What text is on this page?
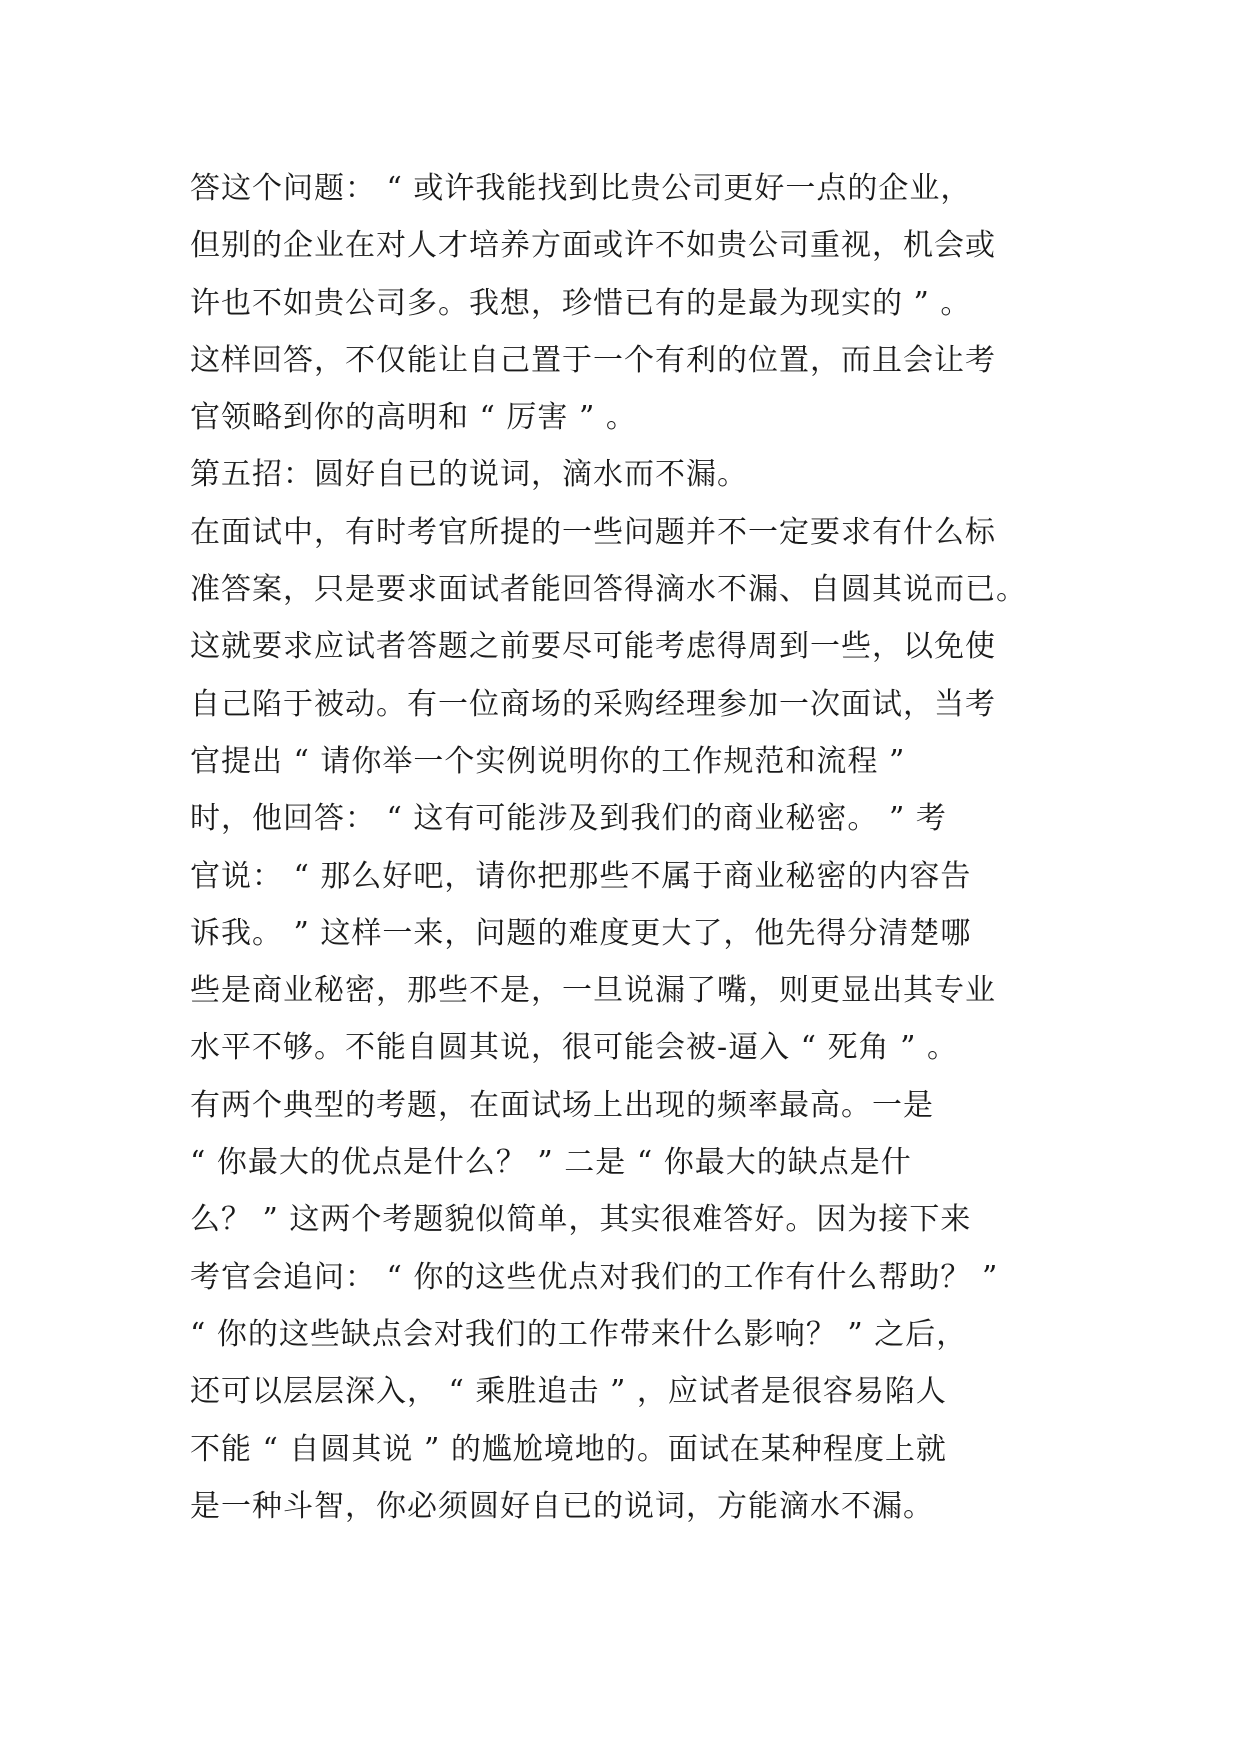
答这个问题： “ 或许我能找到比贵公司更好一点的企业，
但别的企业在对人才培养方面或许不如贵公司重视，机会或
许也不如贵公司多。我想，珍惜已有的是最为现实的 ” 。
这样回答，不仅能让自己置于一个有利的位置，而且会让考
官领略到你的高明和 “ 厉害 ” 。
第五招：圆好自已的说词，滴水而不漏。
在面试中，有时考官所提的一些问题并不一定要求有什么标
准答案，只是要求面试者能回答得滴水不漏、自圆其说而已。
这就要求应试者答题之前要尽可能考虑得周到一些，以免使
自己陷于被动。有一位商场的采购经理参加一次面试，当考
官提出 “ 请你举一个实例说明你的工作规范和流程 ”
时，他回答： “ 这有可能涉及到我们的商业秘密。 ” 考
官说： “ 那么好吧，请你把那些不属于商业秘密的内容告
诉我。 ” 这样一来，问题的难度更大了，他先得分清楚哪
些是商业秘密，那些不是，一旦说漏了嘴，则更显出其专业
水平不够。不能自圆其说，很可能会被-逼入 “ 死角 ” 。
有两个典型的考题，在面试场上出现的频率最高。一是
“ 你最大的优点是什么？ ” 二是 “ 你最大的缺点是什
么？ ” 这两个考题貌似简单，其实很难答好。因为接下来
考官会追问： “ 你的这些优点对我们的工作有什么帮助？ ”
“ 你的这些缺点会对我们的工作带来什么影响？ ” 之后，
还可以层层深入， “ 乘胜追击 ” ，应试者是很容易陷人
不能 “ 自圆其说 ” 的尴尬境地的。面试在某种程度上就
是一种斗智，你必须圆好自已的说词，方能滴水不漏。
